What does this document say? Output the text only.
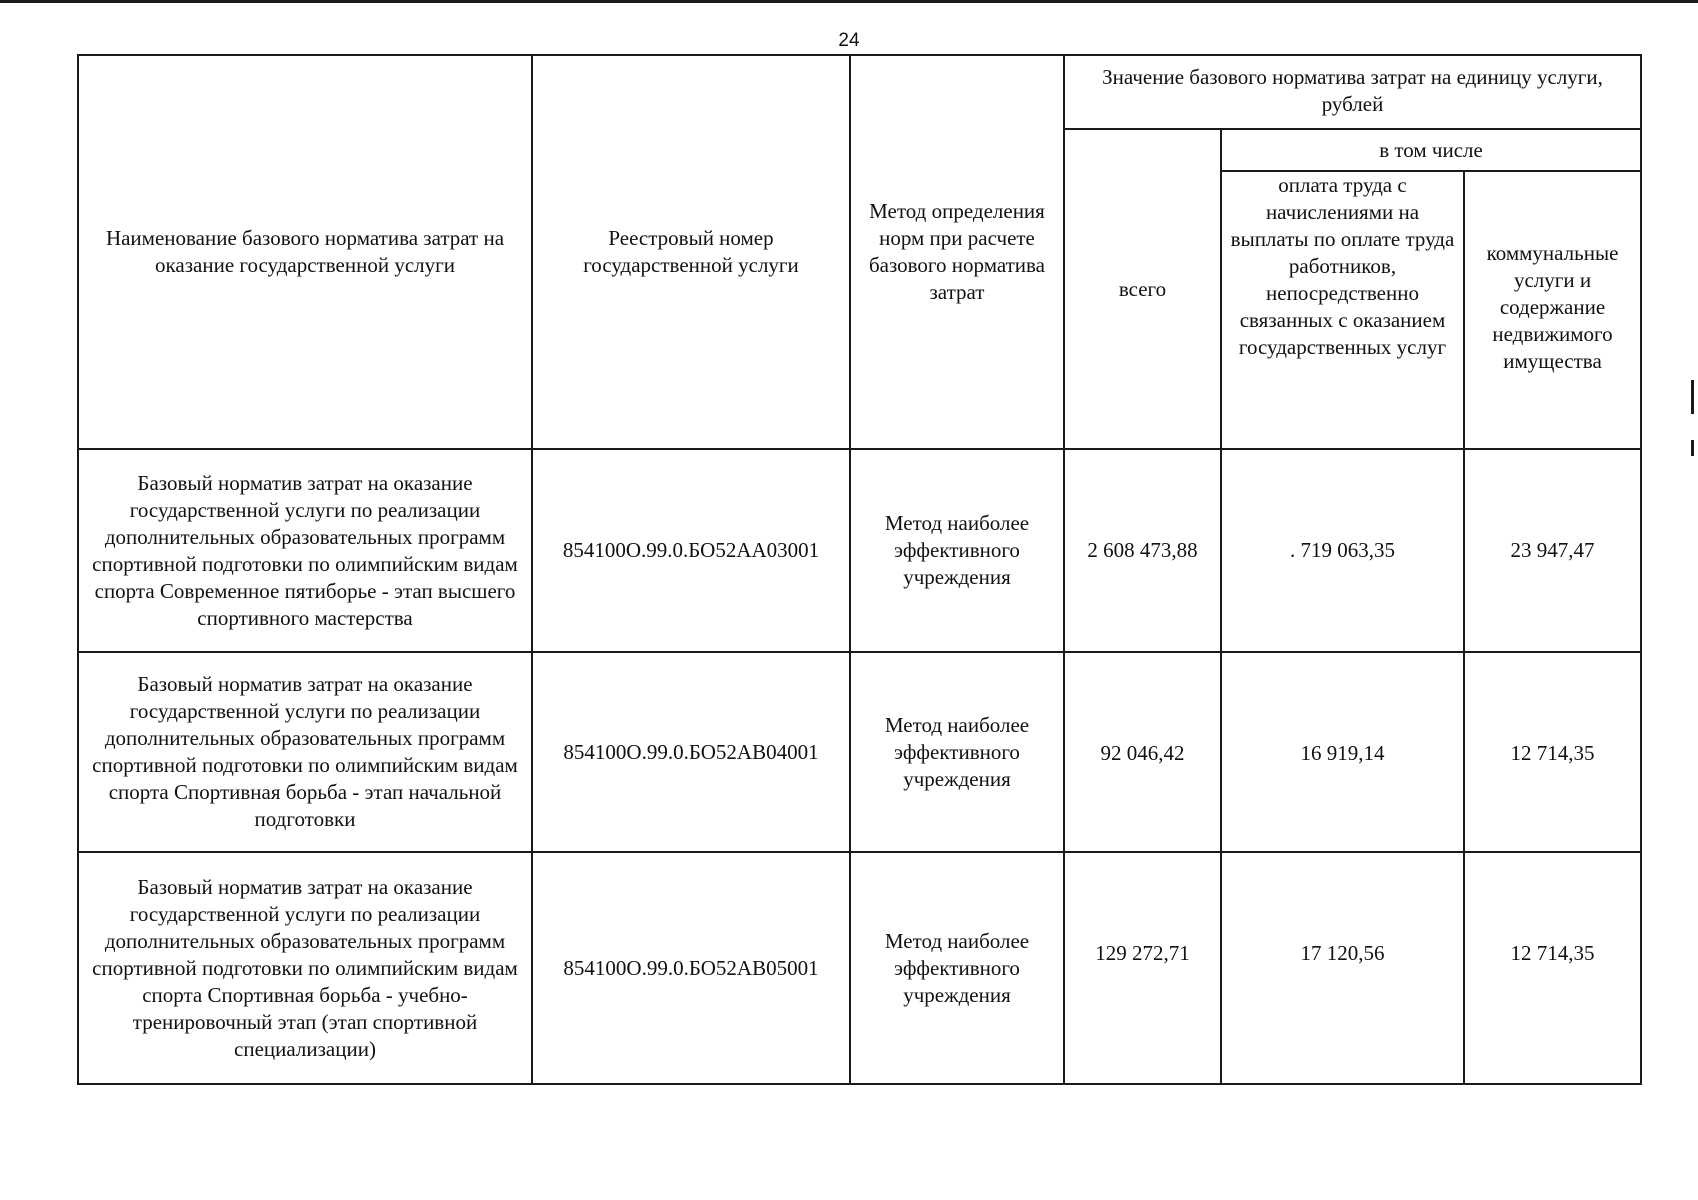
24
Наименование базового норматива затрат на оказание государственной услуги	Реестровый номер государственной услуги	Метод определения норм при расчете базового норматива затрат	Значение базового норматива затрат на единицу услуги, рублей		
			всего	в том числе	
				оплата труда с начислениями на выплаты по оплате труда работников, непосредственно связанных с оказанием государственных услуг	коммунальные услуги и содержание недвижимого имущества
Базовый норматив затрат на оказание государственной услуги по реализации дополнительных образовательных программ спортивной подготовки по олимпийским видам спорта Современное пятиборье - этап высшего спортивного мастерства	854100О.99.0.БО52АА03001	Метод наиболее эффективного учреждения	2 608 473,88	. 719 063,35	23 947,47
Базовый норматив затрат на оказание государственной услуги по реализации дополнительных образовательных программ спортивной подготовки по олимпийским видам спорта Спортивная борьба - этап начальной подготовки	854100О.99.0.БО52АВ04001	Метод наиболее эффективного учреждения	92 046,42	16 919,14	12 714,35
Базовый норматив затрат на оказание государственной услуги по реализации дополнительных образовательных программ спортивной подготовки по олимпийским видам спорта Спортивная борьба - учебно-тренировочный этап (этап спортивной специализации)	854100О.99.0.БО52АВ05001	Метод наиболее эффективного учреждения	129 272,71	17 120,56	12 714,35
